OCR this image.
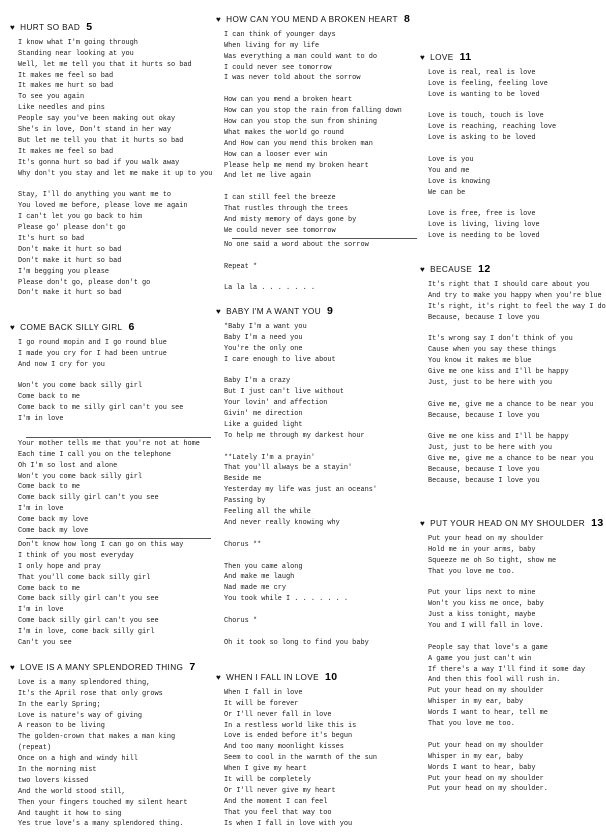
♥ HURT SO BAD 5
I know what I'm going through
Standing near looking at you
Well, let me tell you that it hurts so bad
It makes me feel so bad
It makes me hurt so bad
To see you again
Like needles and pins
People say you've been making out okay
She's in love, Don't stand in her way
But let me tell you that it hurts so bad
It makes me feel so bad
It's gonna hurt so bad if you walk away
Why don't you stay and let me make it up to you
Stay, I'll do anything you want me to
You loved me before, please love me again
I can't let you go back to him
Please go' please don't go
It's hurt so bad
Don't make it hurt so bad
Don't make it hurt so bad
I'm begging you please
Please don't go, please don't go
Don't make it hurt so bad
♥ COME BACK SILLY GIRL 6
I go round mopin and I go round blue
I made you cry for I had been untrue
And now I cry for you
Won't you come back silly girl
Come back to me
Come back to me silly girl can't you see
I'm in love
Your mother tells me that you're not at home
Each time I call you on the telephone
Oh I'm so lost and alone
Won't you come back silly girl
Come back to me
Come back silly girl can't you see
I'm in love
Come back my love
Come back my love
Don't know how long I can go on this way
I think of you most everyday
I only hope and pray
That you'll come back silly girl
Come back to me
Come back silly girl can't you see
I'm in love
Come back silly girl can't you see
I'm in love, come back silly girl
Can't you see
♥ LOVE IS A MANY SPLENDORED THING 7
Love is a many splendored thing,
It's the April rose that only grows
In the early Spring;
Love is nature's way of giving
A reason to be living
The golden-crown that makes a man king
(repeat)
Once on a high and windy hill
In the morning mist
two lovers kissed
And the world stood still,
Then your fingers touched my silent heart
And taught it how to sing
Yes true love's a many splendored thing.
♥ HOW CAN YOU MEND A BROKEN HEART 8
I can think of younger days
When living for my life
Was everything a man could want to do
I could never see tomorrow
I was never told about the sorrow
How can you mend a broken heart
How can you stop the rain from falling down
How can you stop the sun from shining
What makes the world go round
And How can you mend this broken man
How can a looser ever win
Please help me mend my broken heart
And let me live again
I can still feel the breeze
That rustles through the trees
And misty memory of days gone by
We could never see tomorrow
No one said a word about the sorrow
Repeat *
La la la . . . . . . .
♥ BABY I'M A WANT YOU 9
*Baby I'm a want you
Baby I'm a need you
You're the only one
I care enough to live about
Baby I'm a crazy
But I just can't live without
Your lovin' and affection
Givin' me direction
Like a guided light
To help me through my darkest hour
**Lately I'm a prayin'
That you'll always be a stayin'
Beside me
Yesterday my life was just an oceans'
Passing by
Feeling all the while
And never really knowing why
Chorus **
Then you came along
And make me laugh
Nad made me cry
You took while I . . . . . . .
Chorus *
Oh it took so long to find you baby
♥ WHEN I FALL IN LOVE 10
When I fall in love
It will be forever
Or I'll never fall in love
In a restless world like this is
Love is ended before it's begun
And too many moonlight kisses
Seem to cool in the warmth of the sun
When I give my heart
It will be completely
Or I'll never give my heart
And the moment I can feel
That you feel that way too
Is when I fall in love with you
♥ LOVE 11
Love is real, real is love
Love is feeling, feeling love
Love is wanting to be loved
Love is touch, touch is love
Love is reaching, reaching love
Love is asking to be loved
Love is you
You and me
Love is knowing
We can be
Love is free, free is love
Love is living, living love
Love is needing to be loved
♥ BECAUSE 12
It's right that I should care about you
And try to make you happy when you're blue
It's right, it's right to feel the way I do
Because, because I love you
It's wrong say I don't think of you
Cause when you say these things
You know it makes me blue
Give me one kiss and I'll be happy
Just, just to be here with you
Give me, give me a chance to be near you
Because, because I love you
Give me one kiss and I'll be happy
Just, just to be here with you
Give me, give me a chance to be near you
Because, because I love you
Because, because I love you
♥ PUT YOUR HEAD ON MY SHOULDER 13
Put your head on my shoulder
Hold me in your arms, baby
Squeeze me oh So tight, show me
That you love me too.
Put your lips next to mine
Won't you kiss me once, baby
Just a kiss tonight, maybe
You and I will fall in love.
People say that love's a game
A game you just can't win
If there's a way I'll find it some day
And then this fool will rush in.
Put your head on my shoulder
Whisper in my ear, baby
Words I want to hear, tell me
That you love me too.
Put your head on my shoulder
Whisper in my ear, baby
Words I want to hear, baby
Put your head on my shoulder
Put your head on my shoulder.
